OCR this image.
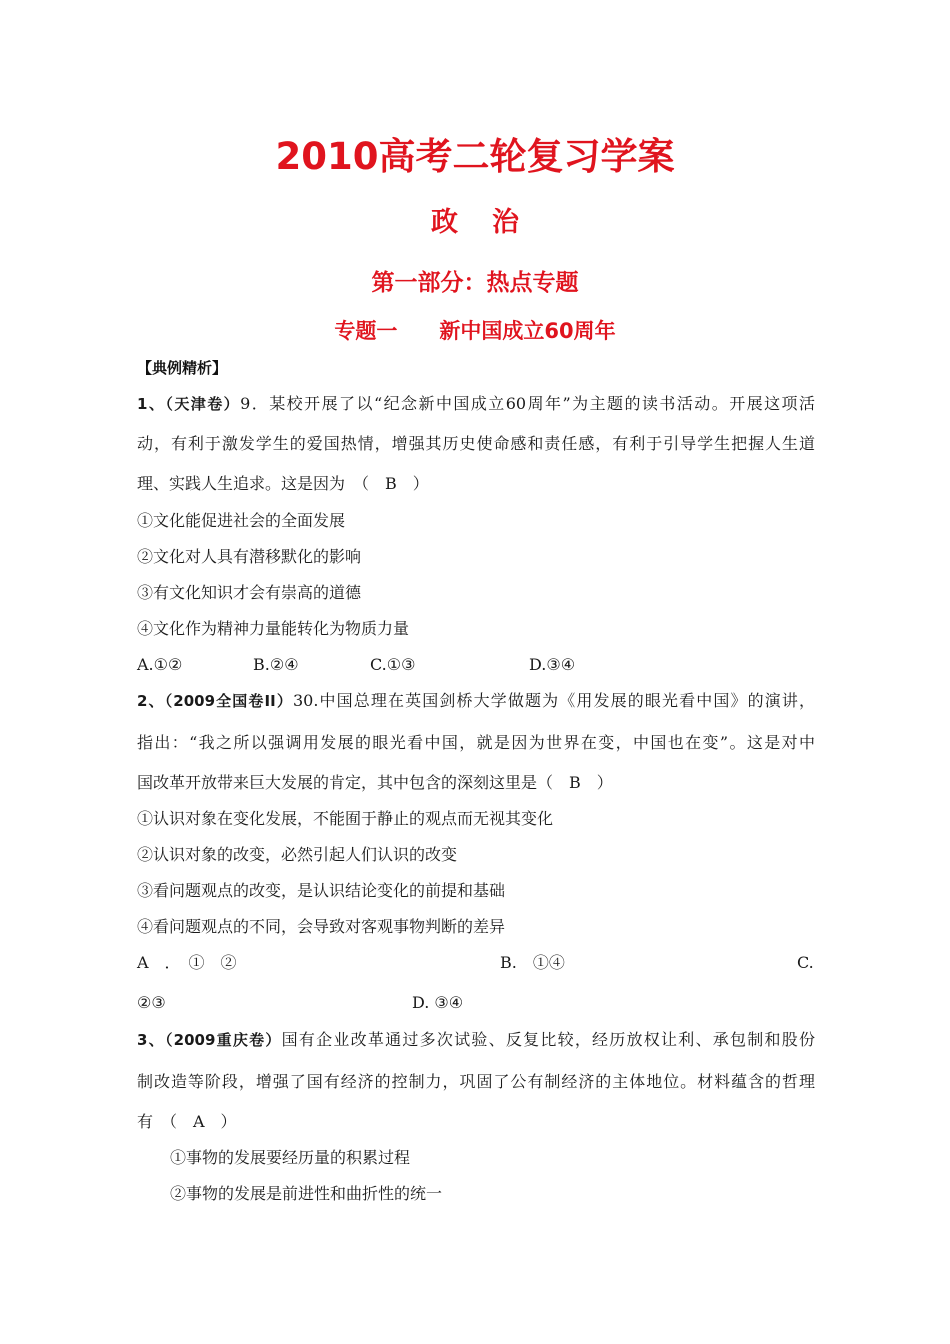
2010高考二轮复习学案
政治
第一部分：热点专题
专题一　　新中国成立60周年
【典例精析】
1、（天津卷）9．某校开展了以“纪念新中国成立60周年”为主题的读书活动。开展这项活
动，有利于激发学生的爱国热情，增强其历史使命感和责任感，有利于引导学生把握人生道
理、实践人生追求。这是因为　（　B　）
①文化能促进社会的全面发展
②文化对人具有潜移默化的影响
③有文化知识才会有崇高的道德
④文化作为精神力量能转化为物质力量
A.①②	B.②④	C.①③	D.③④
2、（2009全国卷II）30.中国总理在英国剑桥大学做题为《用发展的眼光看中国》的演讲，
指出：“我之所以强调用发展的眼光看中国，就是因为世界在变，中国也在变”。这是对中
国改革开放带来巨大发展的肯定，其中包含的深刻这里是（　B　）
①认识对象在变化发展，不能囿于静止的观点而无视其变化
②认识对象的改变，必然引起人们认识的改变
③看问题观点的改变，是认识结论变化的前提和基础
④看问题观点的不同，会导致对客观事物判断的差异
A　．　①　②	B.　①④	C.
②③	D. ③④
3、（2009重庆卷）国有企业改革通过多次试验、反复比较，经历放权让利、承包制和股份
制改造等阶段，增强了国有经济的控制力，巩固了公有制经济的主体地位。材料蕴含的哲理
有　（　A　）
①事物的发展要经历量的积累过程
②事物的发展是前进性和曲折性的统一
